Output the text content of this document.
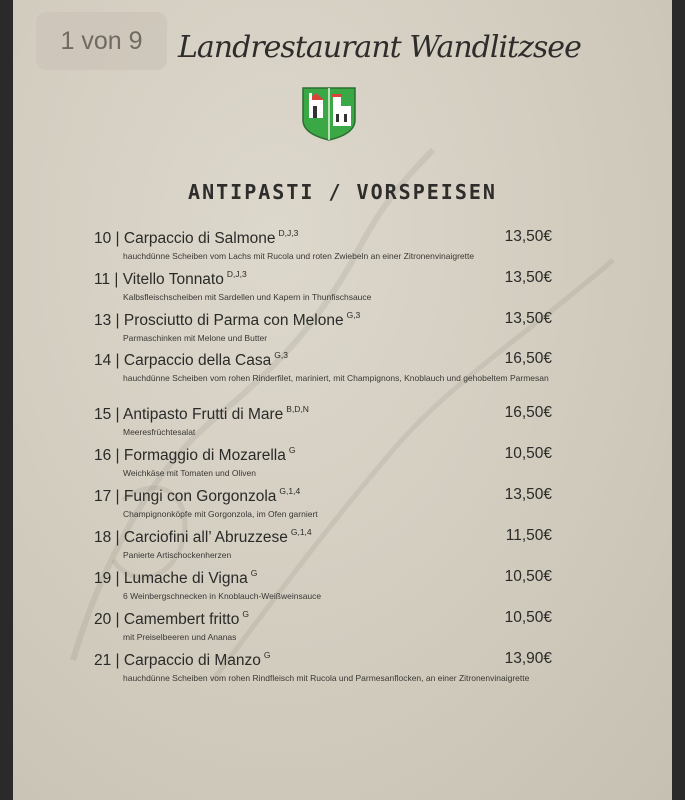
Landrestaurant Wandlitzsee
1 von 9
ANTIPASTI / VORSPEISEN
10 | Carpaccio di Salmone $^{D,J,3}$
hauchdünne Scheiben vom Lachs mit Rucola und roten Zwiebeln an einer Zitronenvinaigrette
13,50€
11 | Vitello Tonnato $^{D,J,3}$
Kalbsfleischscheiben mit Sardellen und Kapern in Thunfischsauce
13,50€
13 | Prosciutto di Parma con Melone $^{G,3}$
Parmaschinken mit Melone und Butter
13,50€
14 | Carpaccio della Casa $^{G,3}$
hauchdünne Scheiben vom rohen Rinderfilet, mariniert, mit Champignons, Knoblauch und gehobeltem Parmesan
16,50€
15 | Antipasto Frutti di Mare $^{B,D,N}$
Meeresfrüchtesalat
16,50€
16 | Formaggio di Mozarella $^G$
Weichkäse mit Tomaten und Oliven
10,50€
17 | Fungi con Gorgonzola $^{G,1,4}$
Champignonköpfe mit Gorgonzola, im Ofen garniert
13,50€
18 | Carciofini all’ Abruzzese $^{G,1,4}$
Panierte Artischockenherzen
11,50€
19 | Lumache di Vigna $^G$
6 Weinbergschnecken in Knoblauch-Weißweinsauce
10,50€
20 | Camembert fritto $^G$
mit Preiselbeeren und Ananas
10,50€
21 | Carpaccio di Manzo $^G$
hauchdünne Scheiben vom rohen Rindfleisch mit Rucola und Parmesanflocken, an einer Zitronenvinaigrette
13,90€
